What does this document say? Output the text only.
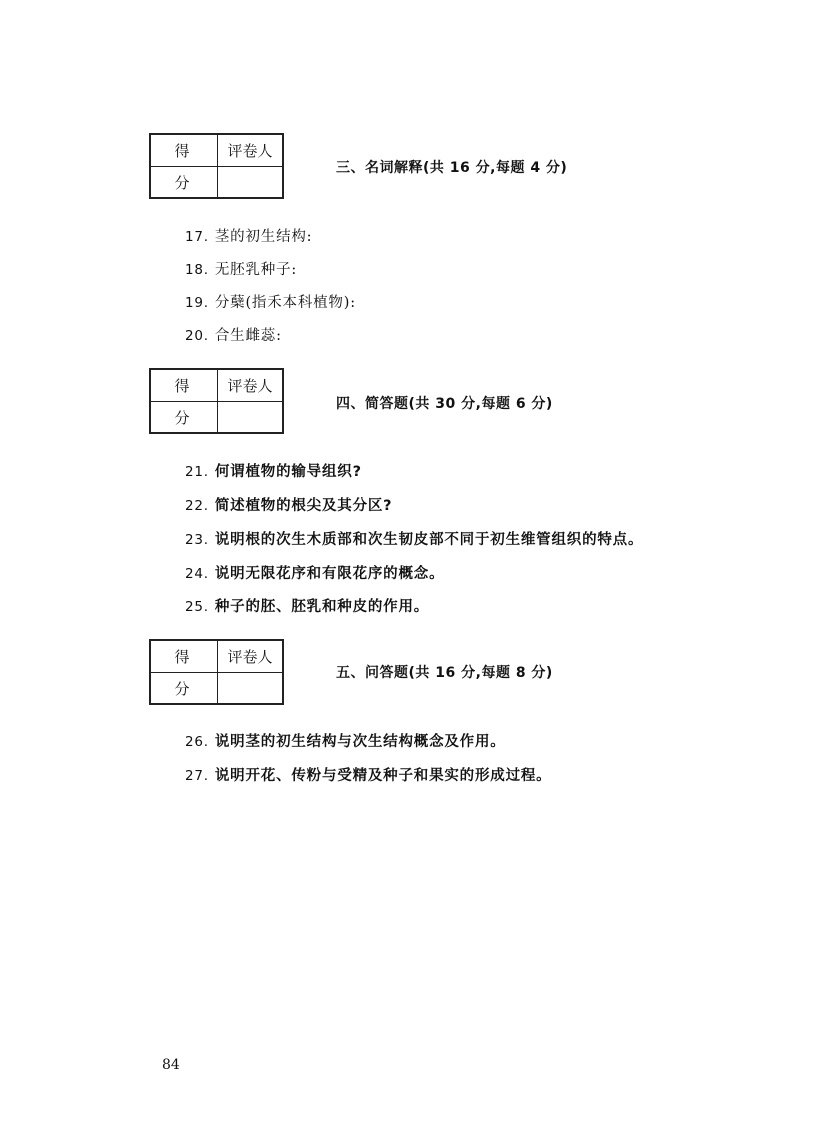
得 分
评卷人
三、名词解释(共 16 分,每题 4 分)
17. 茎的初生结构:
18. 无胚乳种子:
19. 分蘖(指禾本科植物):
20. 合生雌蕊:
得 分
评卷人
四、简答题(共 30 分,每题 6 分)
21. 何谓植物的输导组织?
22. 简述植物的根尖及其分区?
23. 说明根的次生木质部和次生韧皮部不同于初生维管组织的特点。
24. 说明无限花序和有限花序的概念。
25. 种子的胚、胚乳和种皮的作用。
得 分
评卷人
五、问答题(共 16 分,每题 8 分)
26. 说明茎的初生结构与次生结构概念及作用。
27. 说明开花、传粉与受精及种子和果实的形成过程。
84
